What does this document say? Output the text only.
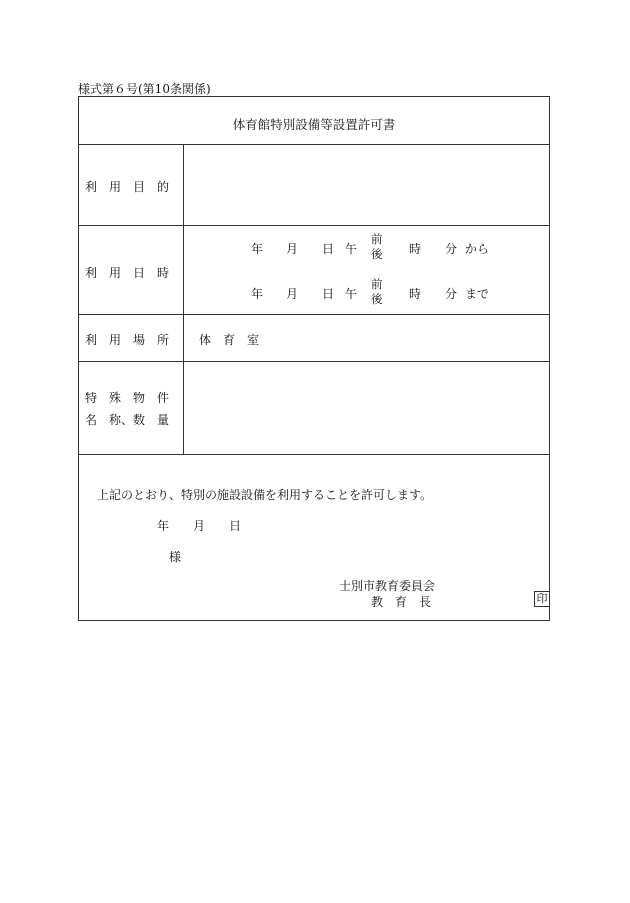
様式第６号(第10条関係)
体育館特別設備等設置許可書
利　用　目　的
利　用　日　時
年 月 日 午
前
後 時 分 から
年 月 日 午
前
後 時 分 まで
利　用　場　所 体　育　室
特　殊　物　件
名　称、数　量
上記のとおり、特別の施設設備を利用することを許可します。
年　　月　　日
様
士別市教育委員会
教　育　長	印
